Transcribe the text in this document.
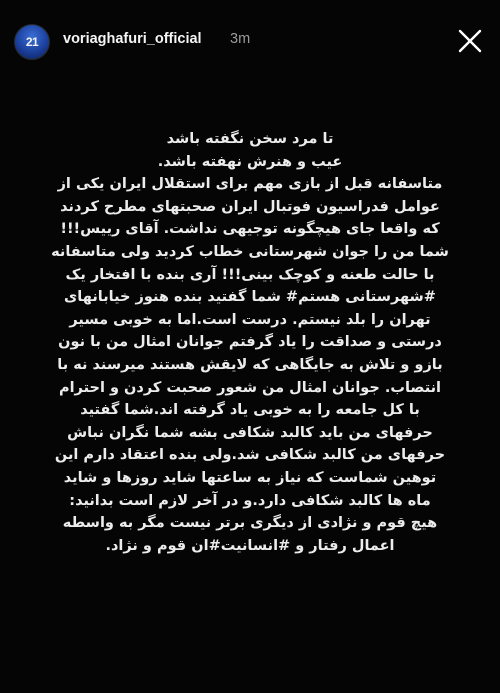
21 voriaghafuri_official 3m
تا مرد سخن نگفته باشد
عیب و هنرش نهفته باشد.
متاسفانه قبل از بازی مهم برای استقلال ایران یکی از
عوامل فدراسیون فوتبال ایران صحبتهای مطرح کردند
که واقعا جای هیچگونه توجیهی نداشت. آقای رییس!!!
شما من را جوان شهرستانی خطاب کردید ولی متاسفانه
با حالت طعنه و کوچک بینی!!! آری بنده با افتخار یک
#شهرستانی هستم# شما گفتید بنده هنوز خیابانهای
تهران را بلد نیستم. درست است.اما به خوبی مسیر
درستی و صداقت را یاد گرفتم جوانان امثال من با نون
بازو و تلاش به جایگاهی که لایقش هستند میرسند نه با
انتصاب. جوانان امثال من شعور صحبت کردن و احترام
با کل جامعه را به خوبی یاد گرفته اند.شما گفتید
حرفهای من باید کالبد شکافی بشه شما نگران نباش
حرفهای من کالبد شکافی شد.ولی بنده اعتقاد دارم این
توهین شماست که نیاز به ساعتها شاید روزها و شاید
ماه ها کالبد شکافی دارد.و در آخر لازم است بدانید:
هیچ قوم و نژادی از دیگری برتر نیست مگر به واسطه
اعمال رفتار و #انسانیت#ان قوم و نژاد.
